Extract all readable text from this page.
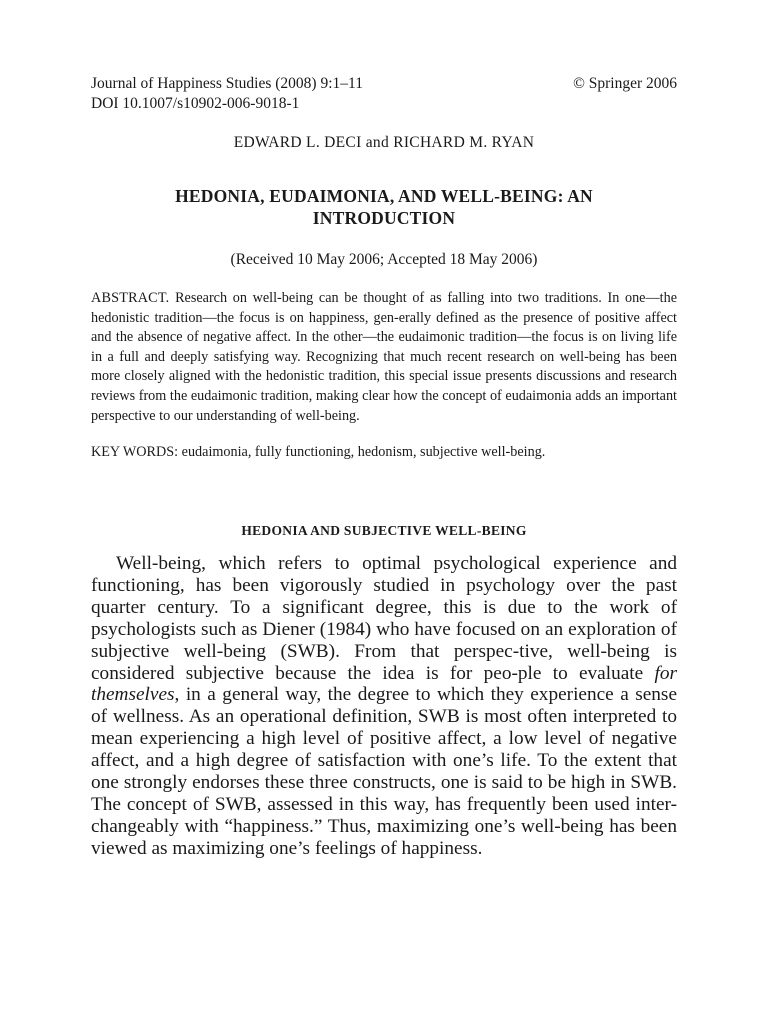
Journal of Happiness Studies (2008) 9:1–11	© Springer 2006
DOI 10.1007/s10902-006-9018-1
EDWARD L. DECI and RICHARD M. RYAN
HEDONIA, EUDAIMONIA, AND WELL-BEING: AN
INTRODUCTION
(Received 10 May 2006; Accepted 18 May 2006)
ABSTRACT. Research on well-being can be thought of as falling into two traditions. In one—the hedonistic tradition—the focus is on happiness, gen-erally defined as the presence of positive affect and the absence of negative affect. In the other—the eudaimonic tradition—the focus is on living life in a full and deeply satisfying way. Recognizing that much recent research on well-being has been more closely aligned with the hedonistic tradition, this special issue presents discussions and research reviews from the eudaimonic tradition, making clear how the concept of eudaimonia adds an important perspective to our understanding of well-being.
KEY WORDS: eudaimonia, fully functioning, hedonism, subjective well-being.
HEDONIA AND SUBJECTIVE WELL-BEING

Well-being, which refers to optimal psychological experience and functioning, has been vigorously studied in psychology over the past quarter century. To a significant degree, this is due to the work of psychologists such as Diener (1984) who have focused on an exploration of subjective well-being (SWB). From that perspec-tive, well-being is considered subjective because the idea is for peo-ple to evaluate for themselves, in a general way, the degree to which they experience a sense of wellness. As an operational definition, SWB is most often interpreted to mean experiencing a high level of positive affect, a low level of negative affect, and a high degree of satisfaction with one’s life. To the extent that one strongly endorses these three constructs, one is said to be high in SWB. The concept of SWB, assessed in this way, has frequently been used inter-changeably with “happiness.” Thus, maximizing one’s well-being has been viewed as maximizing one’s feelings of happiness.
